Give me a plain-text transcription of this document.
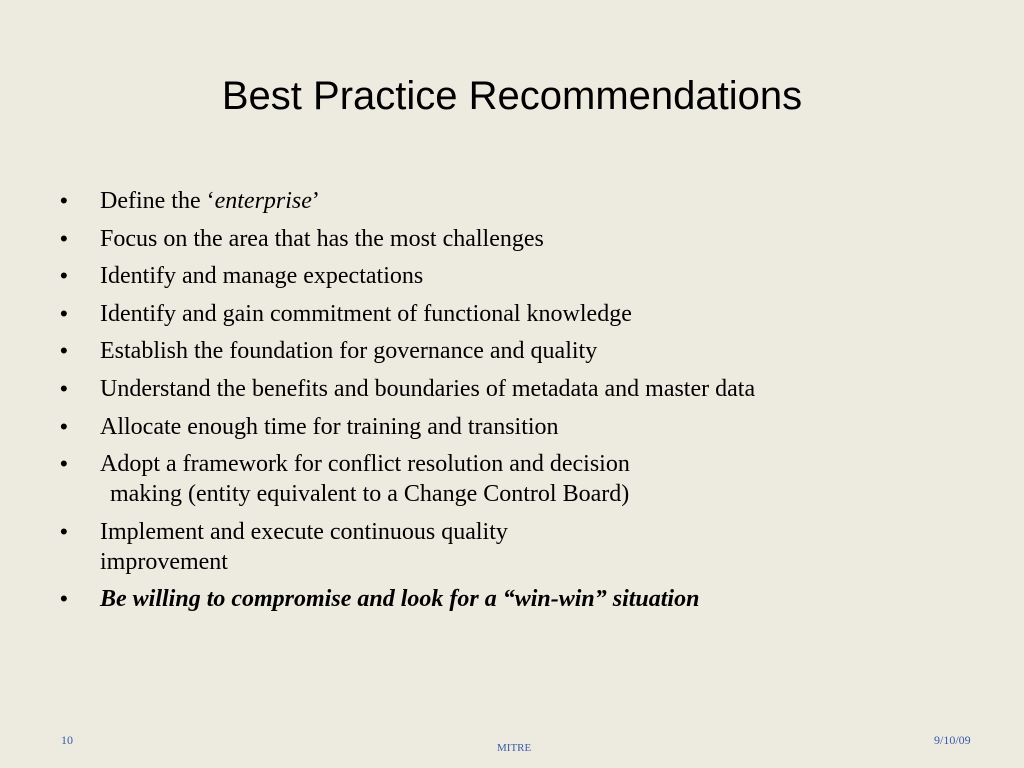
Best Practice Recommendations
• Define the ‘enterprise’
• Focus on the area that has the most challenges
• Identify and manage expectations
• Identify and gain commitment of functional knowledge
• Establish the foundation for governance and quality
• Understand the benefits and boundaries of metadata and master data
• Allocate enough time for training and transition
• Adopt a framework for conflict resolution and decision
making (entity equivalent to a Change Control Board)
• Implement and execute continuous quality
improvement
• Be willing to compromise and look for a “win-win” situation
10
MITRE
9/10/09
